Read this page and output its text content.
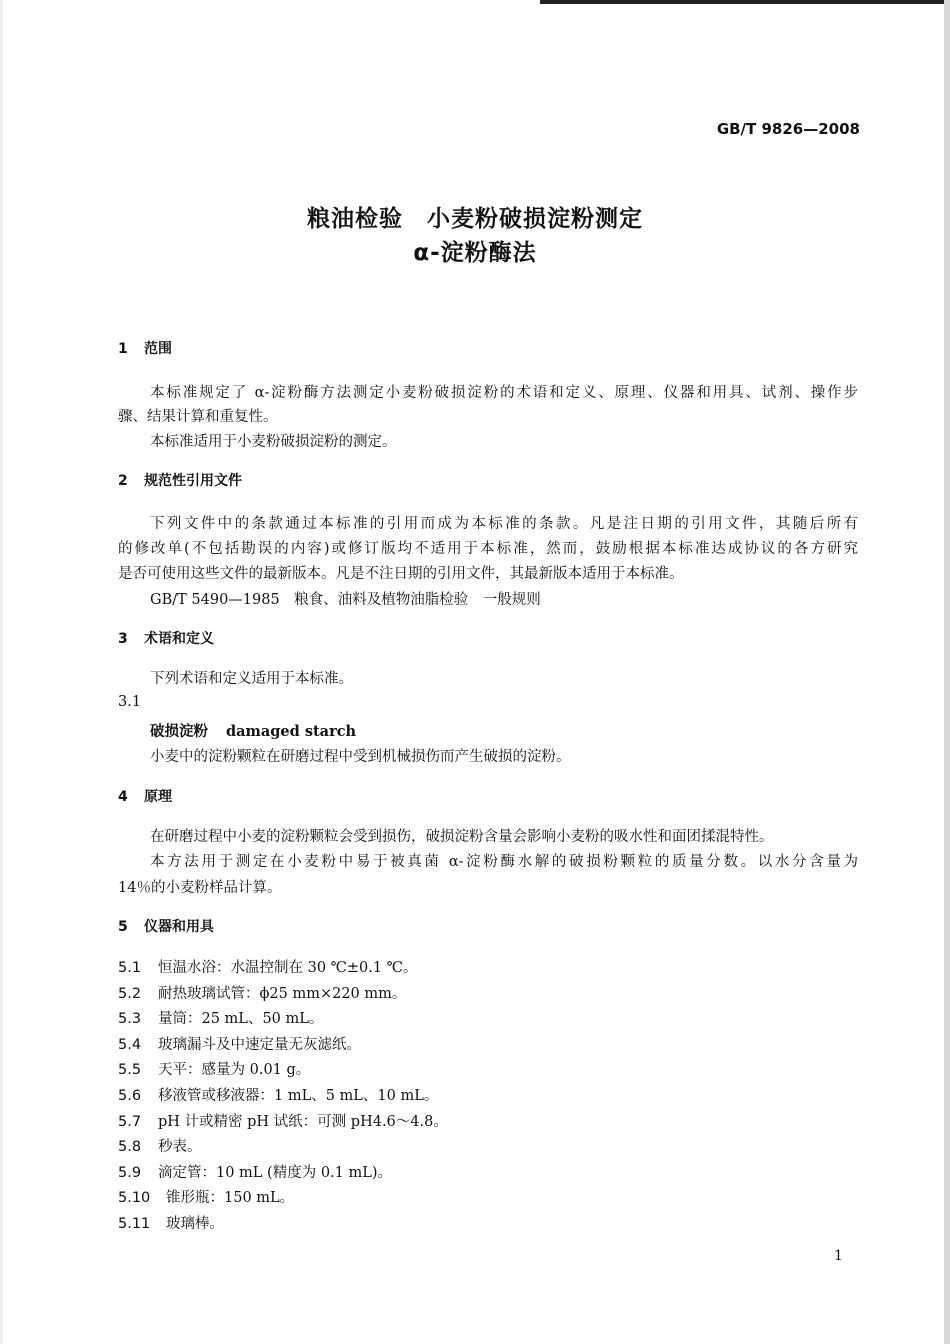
GB/T 9826—2008
粮油检验　小麦粉破损淀粉测定
α-淀粉酶法
1 范围
本标准规定了 α-淀粉酶方法测定小麦粉破损淀粉的术语和定义、原理、仪器和用具、试剂、操作步
骤、结果计算和重复性。
本标准适用于小麦粉破损淀粉的测定。
2 规范性引用文件
下列文件中的条款通过本标准的引用而成为本标准的条款。凡是注日期的引用文件，其随后所有
的修改单(不包括勘误的内容)或修订版均不适用于本标准，然而，鼓励根据本标准达成协议的各方研究
是否可使用这些文件的最新版本。凡是不注日期的引用文件，其最新版本适用于本标准。
GB/T 5490—1985　粮食、油料及植物油脂检验　一般规则
3 术语和定义
下列术语和定义适用于本标准。
3.1
破损淀粉 damaged starch
小麦中的淀粉颗粒在研磨过程中受到机械损伤而产生破损的淀粉。
4 原理
在研磨过程中小麦的淀粉颗粒会受到损伤，破损淀粉含量会影响小麦粉的吸水性和面团揉混特性。
本方法用于测定在小麦粉中易于被真菌 α-淀粉酶水解的破损粉颗粒的质量分数。以水分含量为
14％的小麦粉样品计算。
5 仪器和用具
5.1 恒温水浴：水温控制在 30 ℃±0.1 ℃。
5.2 耐热玻璃试管：ϕ25 mm×220 mm。
5.3 量筒：25 mL、50 mL。
5.4 玻璃漏斗及中速定量无灰滤纸。
5.5 天平：感量为 0.01 g。
5.6 移液管或移液器：1 mL、5 mL、10 mL。
5.7 pH 计或精密 pH 试纸：可测 pH4.6～4.8。
5.8 秒表。
5.9 滴定管：10 mL (精度为 0.1 mL)。
5.10 锥形瓶：150 mL。
5.11 玻璃棒。
1
